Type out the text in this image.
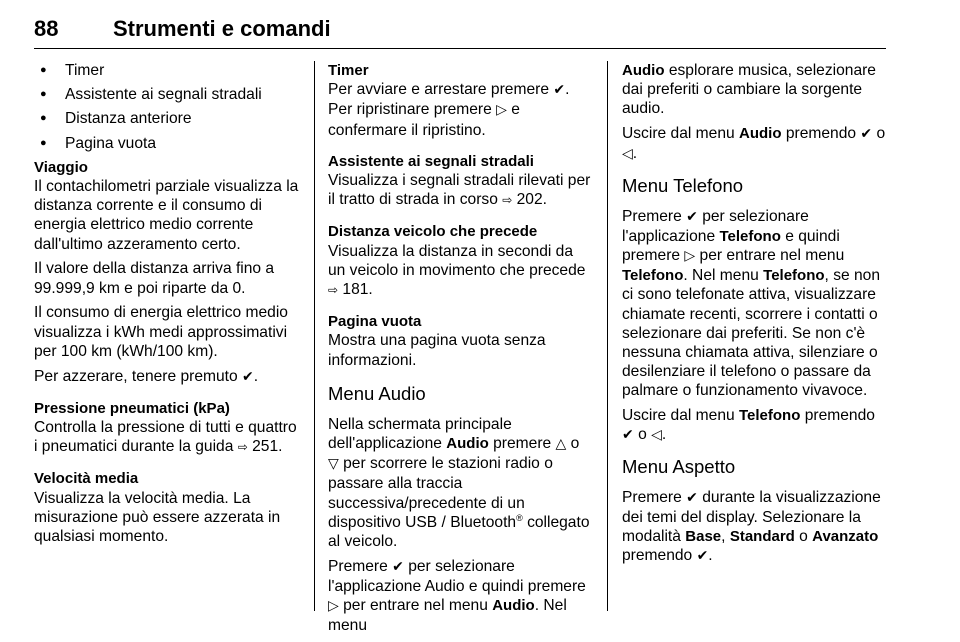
88 Strumenti e comandi
● Timer
● Assistente ai segnali stradali
● Distanza anteriore
● Pagina vuota
Viaggio

Il contachilometri parziale visualizza la distanza corrente e il consumo di energia elettrico medio corrente dall'ultimo azzeramento certo.

Il valore della distanza arriva fino a 99.999,9 km e poi riparte da 0.

Il consumo di energia elettrico medio visualizza i kWh medi approssimativi per 100 km (kWh/100 km).

Per azzerare, tenere premuto ✔.

Pressione pneumatici (kPa)
Controlla la pressione di tutti e quattro i pneumatici durante la guida ⇨ 251.
Velocità media
Visualizza la velocità media. La misurazione può essere azzerata in qualsiasi momento.
Timer
Per avviare e arrestare premere ✔.
Per ripristinare premere ▷ e confermare il ripristino.
Assistente ai segnali stradali
Visualizza i segnali stradali rilevati per il tratto di strada in corso ⇨ 202.
Distanza veicolo che precede
Visualizza la distanza in secondi da un veicolo in movimento che precede ⇨ 181.
Pagina vuota
Mostra una pagina vuota senza informazioni.
Menu Audio

Nella schermata principale dell'applicazione Audio premere △ o ▽ per scorrere le stazioni radio o passare alla traccia successiva/precedente di un dispositivo USB / Bluetooth® collegato al veicolo.

Premere ✔ per selezionare l'applicazione Audio e quindi premere ▷ per entrare nel menu Audio. Nel menu

Audio esplorare musica, selezionare dai preferiti o cambiare la sorgente audio.

Uscire dal menu Audio premendo ✔ o ◁.

Menu Telefono

Premere ✔ per selezionare l'applicazione Telefono e quindi premere ▷ per entrare nel menu Telefono. Nel menu Telefono, se non ci sono telefonate attiva, visualizzare chiamate recenti, scorrere i contatti o selezionare dai preferiti. Se non c'è nessuna chiamata attiva, silenziare o desilenziare il telefono o passare da palmare o funzionamento vivavoce.

Uscire dal menu Telefono premendo ✔ o ◁.

Menu Aspetto

Premere ✔ durante la visualizzazione dei temi del display. Selezionare la modalità Base, Standard o Avanzato premendo ✔.
